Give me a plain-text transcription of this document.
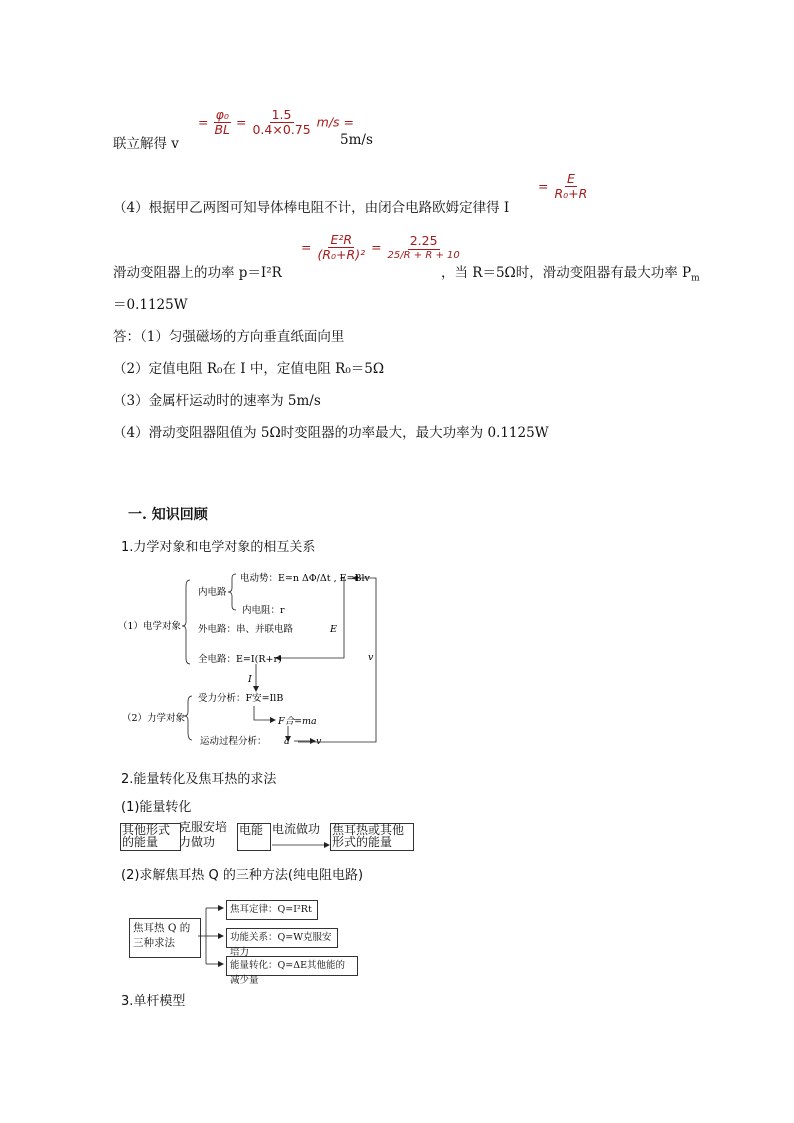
联立解得 v
= $\frac{\text{φ₀}}{BL} = \frac{1.5}{0.4\times 0.75} m/s$ =
5m/s
= $\frac{E}{\text{R₀+R}}$
（4）根据甲乙两图可知导体棒电阻不计，由闭合电路欧姆定律得 I
= $\frac{\text{E²R}}{\text{(R₀+R)²}} = \frac{2.25}{25/R + R + 10}$
滑动变阻器上的功率 p＝I²R	，当 R＝5Ω时，滑动变阻器有最大功率 $P_m$
＝0.1125W
答：（1）匀强磁场的方向垂直纸面向里
（2）定值电阻 R₀在 I 中，定值电阻 R₀＝5Ω
（3）金属杆运动时的速率为 5m/s
（4）滑动变阻器阻值为 5Ω时变阻器的功率最大，最大功率为 0.1125W
一. 知识回顾
1.力学对象和电学对象的相互关系
（1）电学对象
内电路
电动势：E=n ΔΦ/Δt , E=Blv
内电阻：r
外电路：串、并联电路	E
v
全电路：E=I(R+r)
I
（2）力学对象
受力分析：F安=IlB
F合=ma
运动过程分析： a	v
2.能量转化及焦耳热的求法
(1)能量转化
其他形式的能量
克服安培力做功
电能 电流做功 焦耳热或其他形式的能量
(2)求解焦耳热 Q 的三种方法(纯电阻电路)
焦耳热 Q 的三种求法
焦耳定律：Q=I²Rt
功能关系：Q=W克服安培力
能量转化：Q=ΔE其他能的减少量
3.单杆模型
